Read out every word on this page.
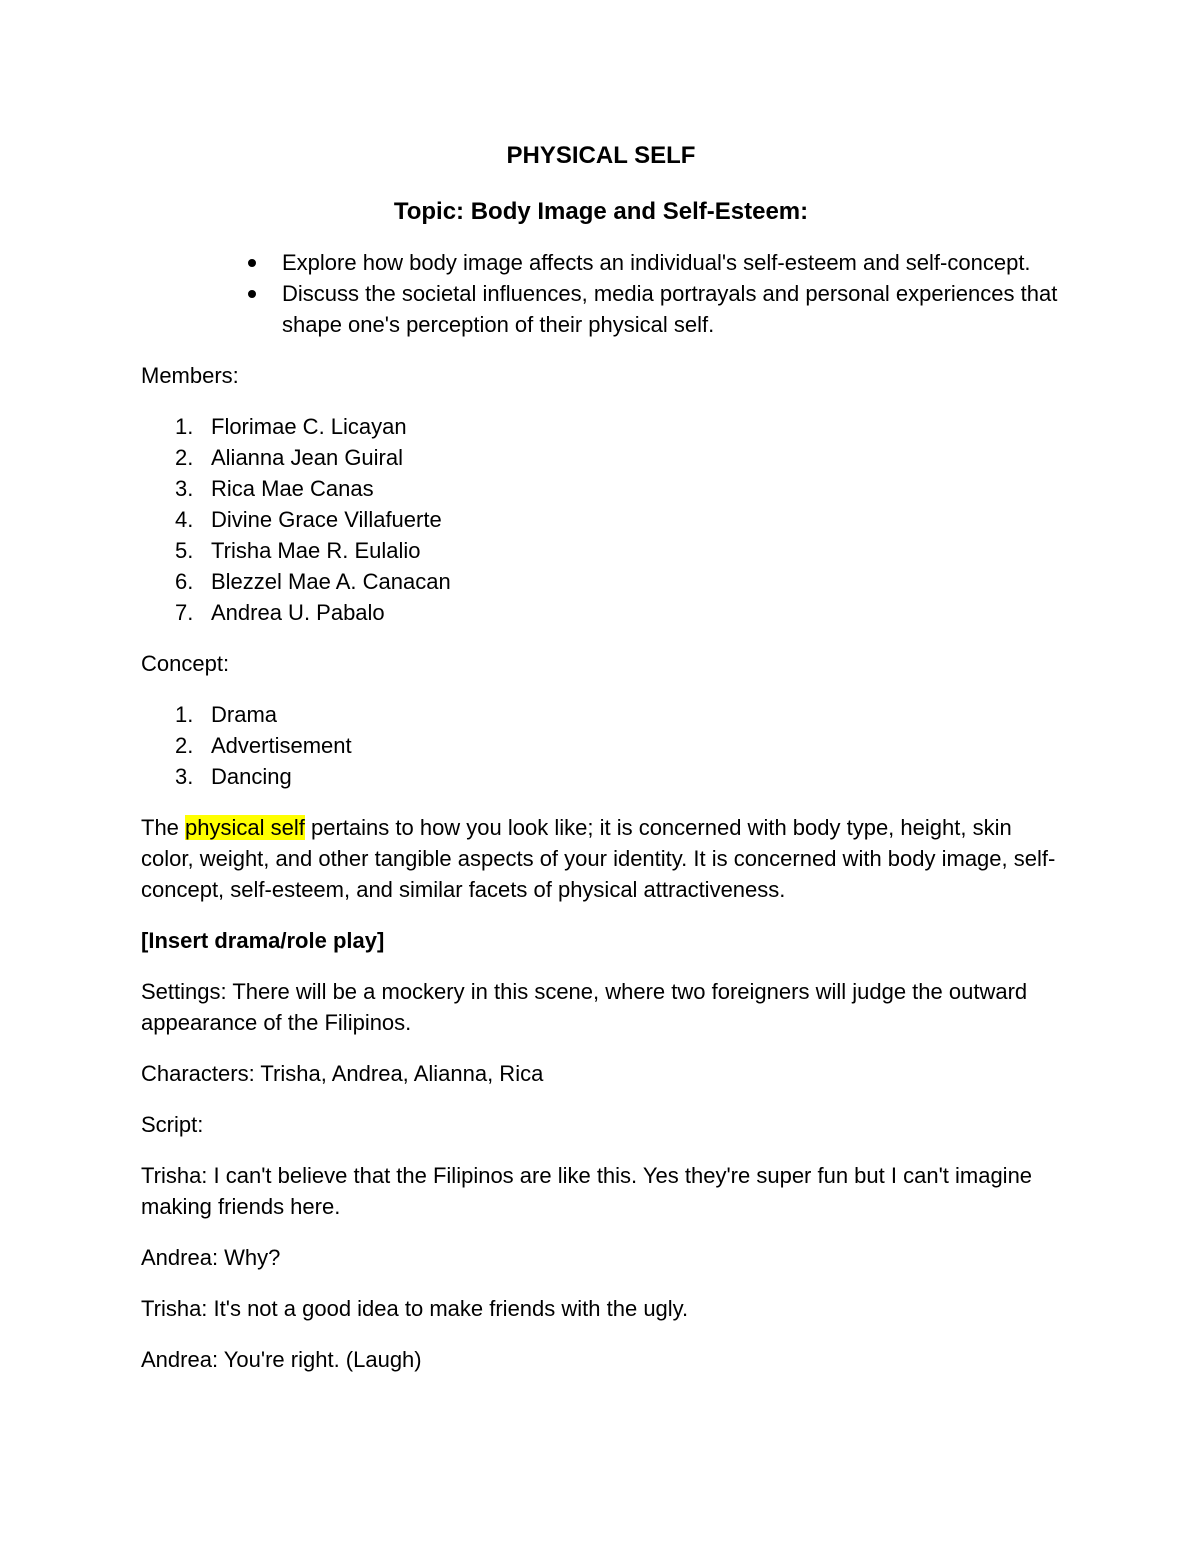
PHYSICAL SELF
Topic: Body Image and Self-Esteem:
Explore how body image affects an individual's self-esteem and self-concept.
Discuss the societal influences, media portrayals and personal experiences that shape one's perception of their physical self.

Members:

1. Florimae C. Licayan
2. Alianna Jean Guiral
3. Rica Mae Canas
4. Divine Grace Villafuerte
5. Trisha Mae R. Eulalio
6. Blezzel Mae A. Canacan
7. Andrea U. Pabalo

Concept:

1. Drama
2. Advertisement
3. Dancing

The physical self pertains to how you look like; it is concerned with body type, height, skin color, weight, and other tangible aspects of your identity. It is concerned with body image, self-concept, self-esteem, and similar facets of physical attractiveness.

[Insert drama/role play]

Settings: There will be a mockery in this scene, where two foreigners will judge the outward appearance of the Filipinos.

Characters: Trisha, Andrea, Alianna, Rica

Script:

Trisha: I can't believe that the Filipinos are like this. Yes they're super fun but I can't imagine making friends here.

Andrea: Why?

Trisha: It's not a good idea to make friends with the ugly.

Andrea: You're right. (Laugh)
